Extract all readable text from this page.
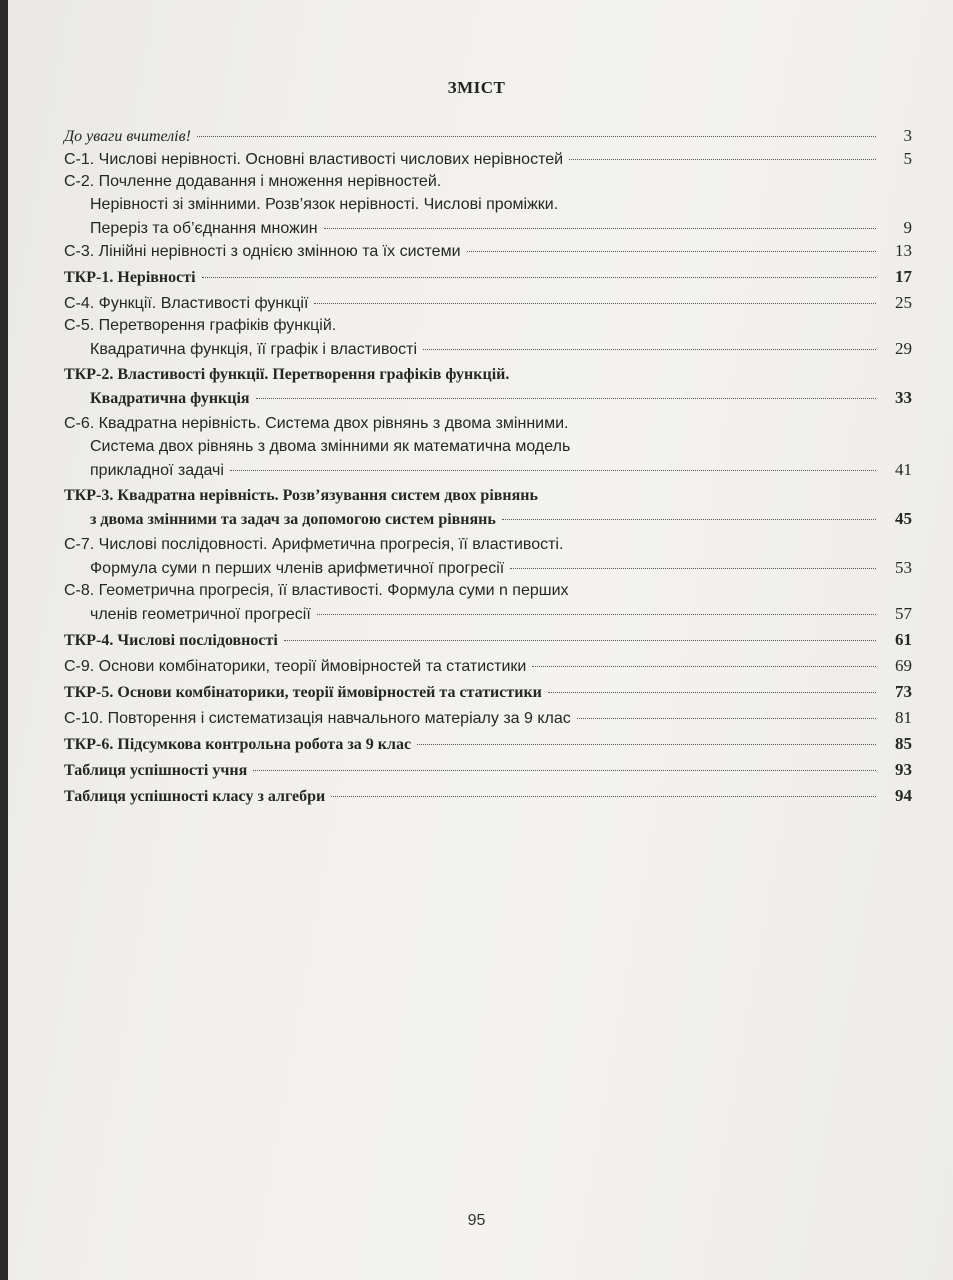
ЗМІСТ
До уваги вчителів!	3
С-1. Числові нерівності. Основні властивості числових нерівностей	5
С-2. Почленне додавання і множення нерівностей.
Нерівності зі змінними. Розв’язок нерівності. Числові проміжки.
Переріз та об’єднання множин	9
С-3. Лінійні нерівності з однією змінною та їх системи	13
ТКР-1. Нерівності	17
С-4. Функції. Властивості функції	25
С-5. Перетворення графіків функцій.
Квадратична функція, її графік і властивості	29
ТКР-2. Властивості функції. Перетворення графіків функцій.
Квадратична функція	33
С-6. Квадратна нерівність. Система двох рівнянь з двома змінними.
Система двох рівнянь з двома змінними як математична модель
прикладної задачі	41
ТКР-3. Квадратна нерівність. Розв’язування систем двох рівнянь
з двома змінними та задач за допомогою систем рівнянь	45
С-7. Числові послідовності. Арифметична прогресія, її властивості.
Формула суми n перших членів арифметичної прогресії	53
С-8. Геометрична прогресія, її властивості. Формула суми n перших
членів геометричної прогресії	57
ТКР-4. Числові послідовності	61
С-9. Основи комбінаторики, теорії ймовірностей та статистики	69
ТКР-5. Основи комбінаторики, теорії ймовірностей та статистики	73
С-10. Повторення і систематизація навчального матеріалу за 9 клас	81
ТКР-6. Підсумкова контрольна робота за 9 клас	85
Таблиця успішності учня	93
Таблиця успішності класу з алгебри	94
95
